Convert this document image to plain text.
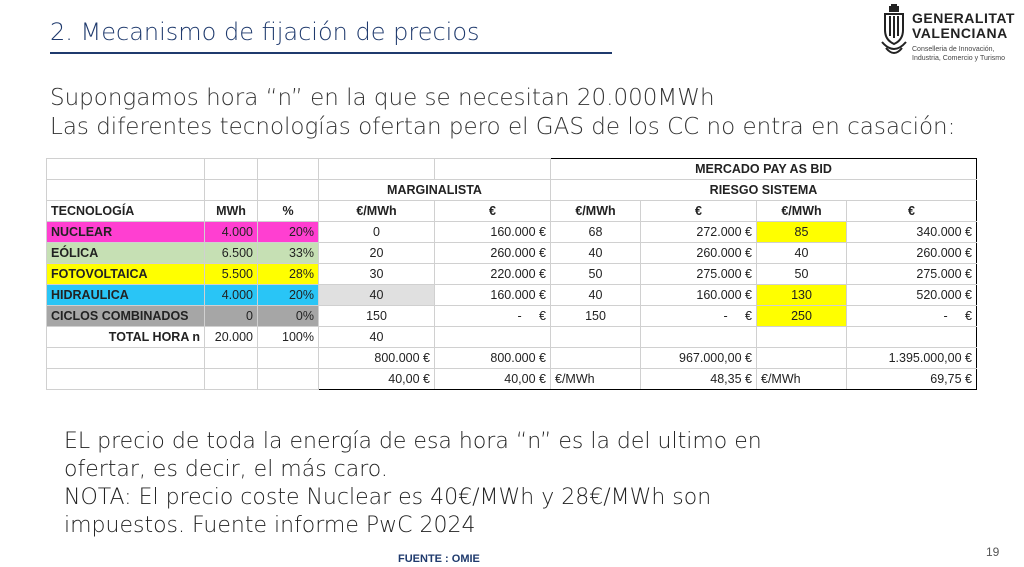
2. Mecanismo de fijación de precios	GENERALITAT
VALENCIANA
Conselleria de Innovación,
Industria, Comercio y Turismo
Supongamos hora “n” en la que se necesitan 20.000MWh
Las diferentes tecnologías ofertan pero el GAS de los CC no entra en casación:
					MERCADO PAY AS BID			
			MARGINALISTA		RIESGO SISTEMA			
TECNOLOGÍA	MWh	%	€/MWh	€	€/MWh	€	€/MWh	€
NUCLEAR	4.000	20%	0	160.000 €	68	272.000 €	85	340.000 €
EÓLICA	6.500	33%	20	260.000 €	40	260.000 €	40	260.000 €
FOTOVOLTAICA	5.500	28%	30	220.000 €	50	275.000 €	50	275.000 €
HIDRAULICA	4.000	20%	40	160.000 €	40	160.000 €	130	520.000 €
CICLOS COMBINADOS	0	0%	150	-     €	150	-     €	250	-     €
TOTAL HORA n	20.000	100%	40					
			800.000 €	800.000 €		967.000,00 €		1.395.000,00 €
			40,00 €	40,00 €	€/MWh	48,35 €	€/MWh	69,75 €
EL precio de toda la energía de esa hora “n” es la del ultimo en
ofertar, es decir, el más caro.
NOTA: El precio coste Nuclear es 40€/MWh y 28€/MWh son
impuestos. Fuente informe PwC 2024
FUENTE : OMIE	19
